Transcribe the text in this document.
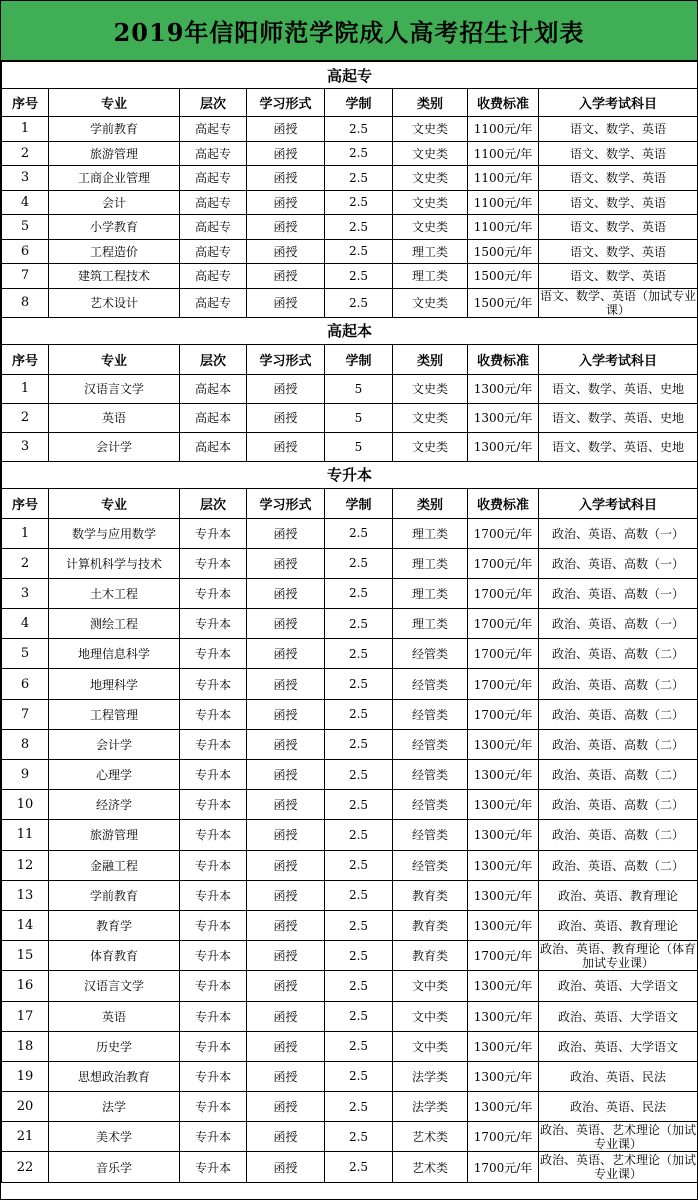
2019年信阳师范学院成人高考招生计划表
高起专							
序号	专业	层次	学习形式	学制	类别	收费标准	入学考试科目
1	学前教育	高起专	函授	2.5	文史类	1100元/年	语文、数学、英语
2	旅游管理	高起专	函授	2.5	文史类	1100元/年	语文、数学、英语
3	工商企业管理	高起专	函授	2.5	文史类	1100元/年	语文、数学、英语
4	会计	高起专	函授	2.5	文史类	1100元/年	语文、数学、英语
5	小学教育	高起专	函授	2.5	文史类	1100元/年	语文、数学、英语
6	工程造价	高起专	函授	2.5	理工类	1500元/年	语文、数学、英语
7	建筑工程技术	高起专	函授	2.5	理工类	1500元/年	语文、数学、英语
8	艺术设计	高起专	函授	2.5	文史类	1500元/年	语文、数学、英语（加试专业课）
高起本							
序号	专业	层次	学习形式	学制	类别	收费标准	入学考试科目
1	汉语言文学	高起本	函授	5	文史类	1300元/年	语文、数学、英语、史地
2	英语	高起本	函授	5	文史类	1300元/年	语文、数学、英语、史地
3	会计学	高起本	函授	5	文史类	1300元/年	语文、数学、英语、史地
专升本							
序号	专业	层次	学习形式	学制	类别	收费标准	入学考试科目
1	数学与应用数学	专升本	函授	2.5	理工类	1700元/年	政治、英语、高数（一）
2	计算机科学与技术	专升本	函授	2.5	理工类	1700元/年	政治、英语、高数（一）
3	土木工程	专升本	函授	2.5	理工类	1700元/年	政治、英语、高数（一）
4	测绘工程	专升本	函授	2.5	理工类	1700元/年	政治、英语、高数（一）
5	地理信息科学	专升本	函授	2.5	经管类	1700元/年	政治、英语、高数（二）
6	地理科学	专升本	函授	2.5	经管类	1700元/年	政治、英语、高数（二）
7	工程管理	专升本	函授	2.5	经管类	1700元/年	政治、英语、高数（二）
8	会计学	专升本	函授	2.5	经管类	1300元/年	政治、英语、高数（二）
9	心理学	专升本	函授	2.5	经管类	1300元/年	政治、英语、高数（二）
10	经济学	专升本	函授	2.5	经管类	1300元/年	政治、英语、高数（二）
11	旅游管理	专升本	函授	2.5	经管类	1300元/年	政治、英语、高数（二）
12	金融工程	专升本	函授	2.5	经管类	1300元/年	政治、英语、高数（二）
13	学前教育	专升本	函授	2.5	教育类	1300元/年	政治、英语、教育理论
14	教育学	专升本	函授	2.5	教育类	1300元/年	政治、英语、教育理论
15	体育教育	专升本	函授	2.5	教育类	1700元/年	政治、英语、教育理论（体育加试专业课）
16	汉语言文学	专升本	函授	2.5	文中类	1300元/年	政治、英语、大学语文
17	英语	专升本	函授	2.5	文中类	1300元/年	政治、英语、大学语文
18	历史学	专升本	函授	2.5	文中类	1300元/年	政治、英语、大学语文
19	思想政治教育	专升本	函授	2.5	法学类	1300元/年	政治、英语、民法
20	法学	专升本	函授	2.5	法学类	1300元/年	政治、英语、民法
21	美术学	专升本	函授	2.5	艺术类	1700元/年	政治、英语、艺术理论（加试专业课）
22	音乐学	专升本	函授	2.5	艺术类	1700元/年	政治、英语、艺术理论（加试专业课）
